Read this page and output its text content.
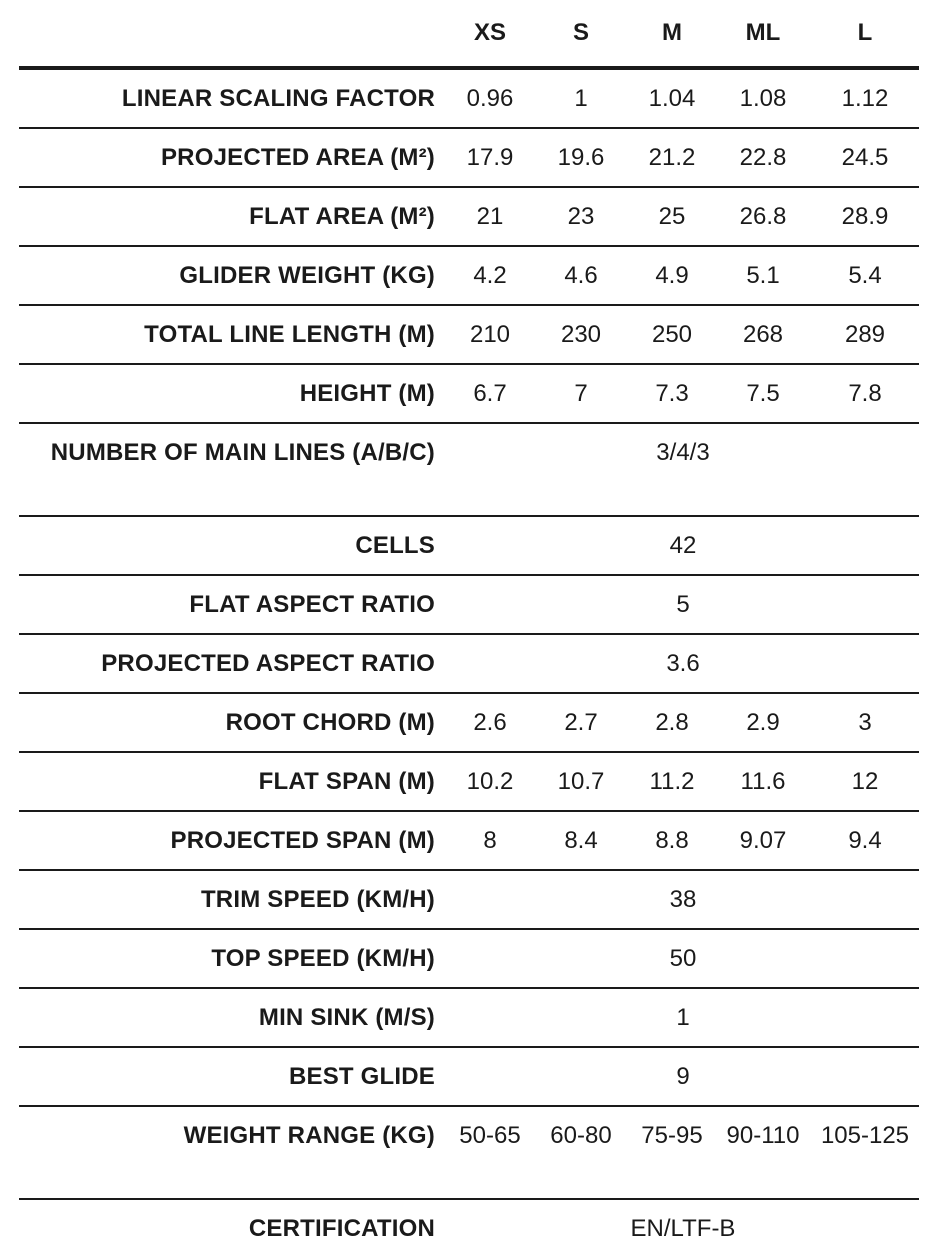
	XS	S	M	ML	L
LINEAR SCALING FACTOR	0.96	1	1.04	1.08	1.12
PROJECTED AREA (M²)	17.9	19.6	21.2	22.8	24.5
FLAT AREA (M²)	21	23	25	26.8	28.9
GLIDER WEIGHT (KG)	4.2	4.6	4.9	5.1	5.4
TOTAL LINE LENGTH (M)	210	230	250	268	289
HEIGHT (M)	6.7	7	7.3	7.5	7.8
NUMBER OF MAIN LINES (A/B/C)	3/4/3				
CELLS	42				
FLAT ASPECT RATIO	5				
PROJECTED ASPECT RATIO	3.6				
ROOT CHORD (M)	2.6	2.7	2.8	2.9	3
FLAT SPAN (M)	10.2	10.7	11.2	11.6	12
PROJECTED SPAN (M)	8	8.4	8.8	9.07	9.4
TRIM SPEED (KM/H)	38				
TOP SPEED (KM/H)	50				
MIN SINK (M/S)	1				
BEST GLIDE	9				
WEIGHT RANGE (KG)	50-65	60-80	75-95	90-110	105-125
CERTIFICATION	EN/LTF-B				
